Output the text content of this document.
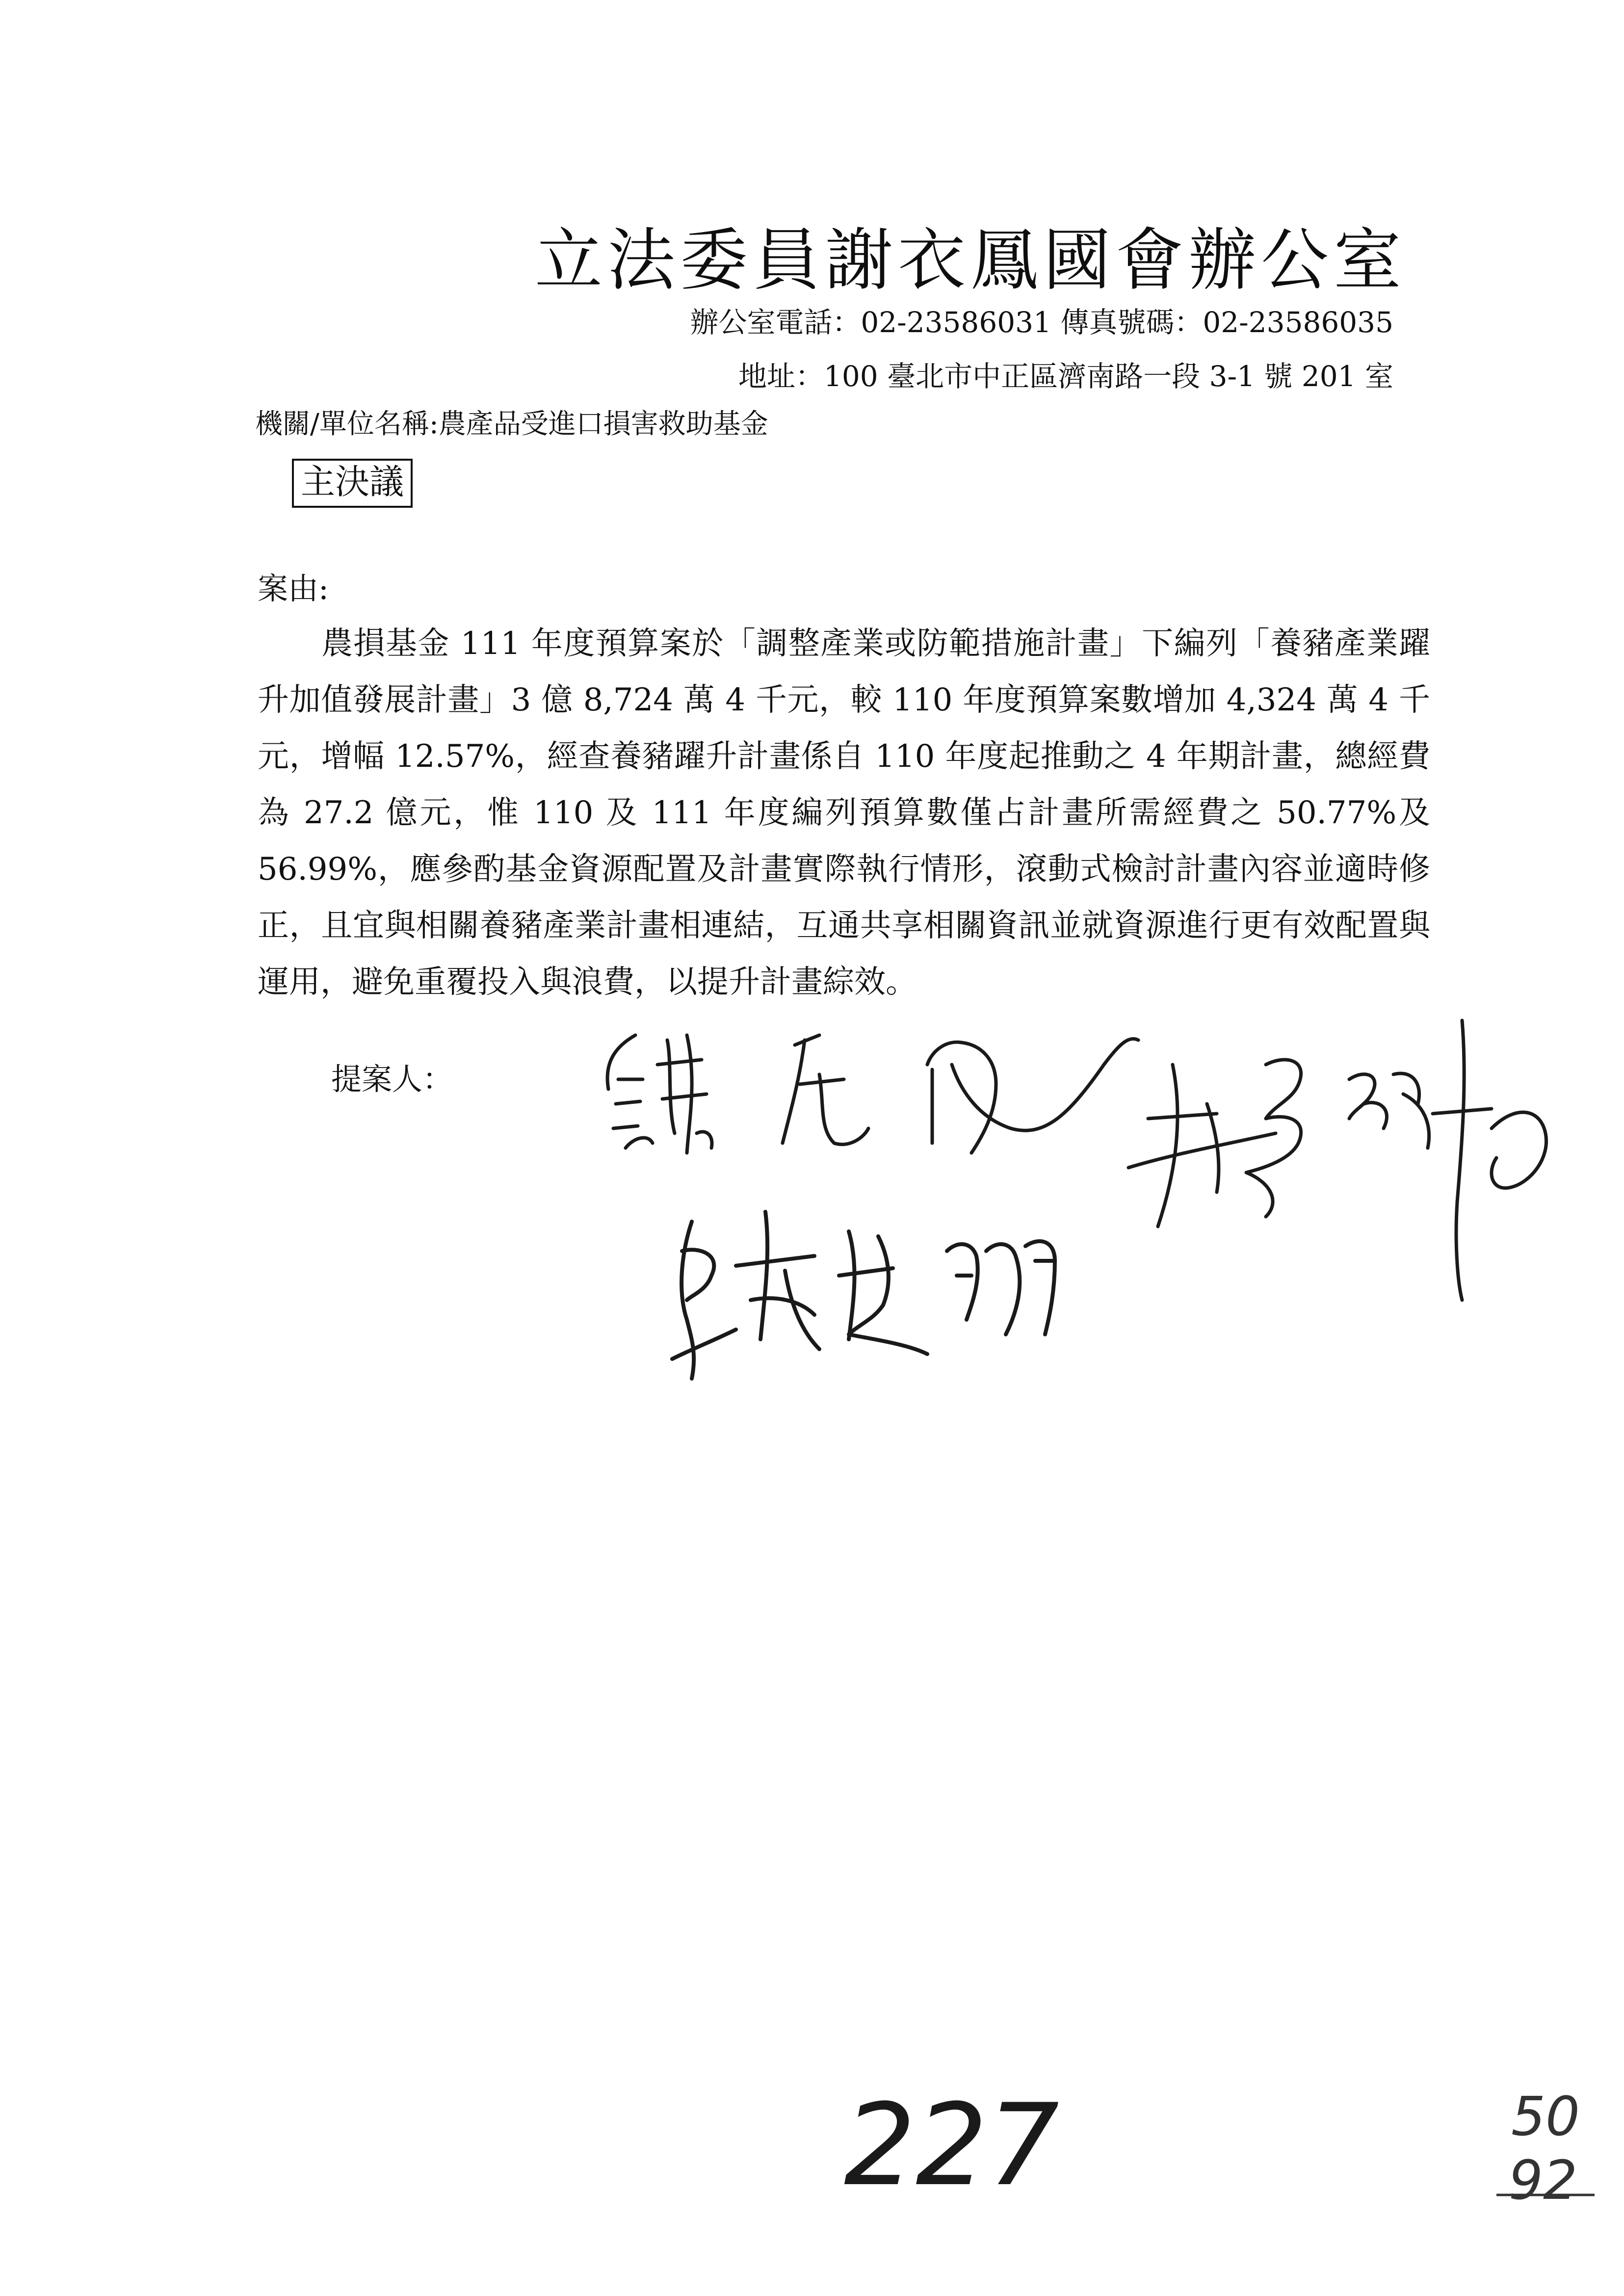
立法委員謝衣鳳國會辦公室
辦公室電話：02-23586031 傳真號碼：02-23586035
地址：100 臺北市中正區濟南路一段 3-1 號 201 室
機關/單位名稱:農產品受進口損害救助基金
主決議
案由:
農損基金 111 年度預算案於「調整產業或防範措施計畫」下編列「養豬產業躍升加值發展計畫」3 億 8,724 萬 4 千元，較 110 年度預算案數增加 4,324 萬 4 千元，增幅 12.57%，經查養豬躍升計畫係自 110 年度起推動之 4 年期計畫，總經費為 27.2 億元，惟 110 及 111 年度編列預算數僅占計畫所需經費之 50.77%及 56.99%，應參酌基金資源配置及計畫實際執行情形，滾動式檢討計畫內容並適時修正，且宜與相關養豬產業計畫相連結，互通共享相關資訊並就資源進行更有效配置與運用，避免重覆投入與浪費，以提升計畫綜效。
提案人：
227	50
92
